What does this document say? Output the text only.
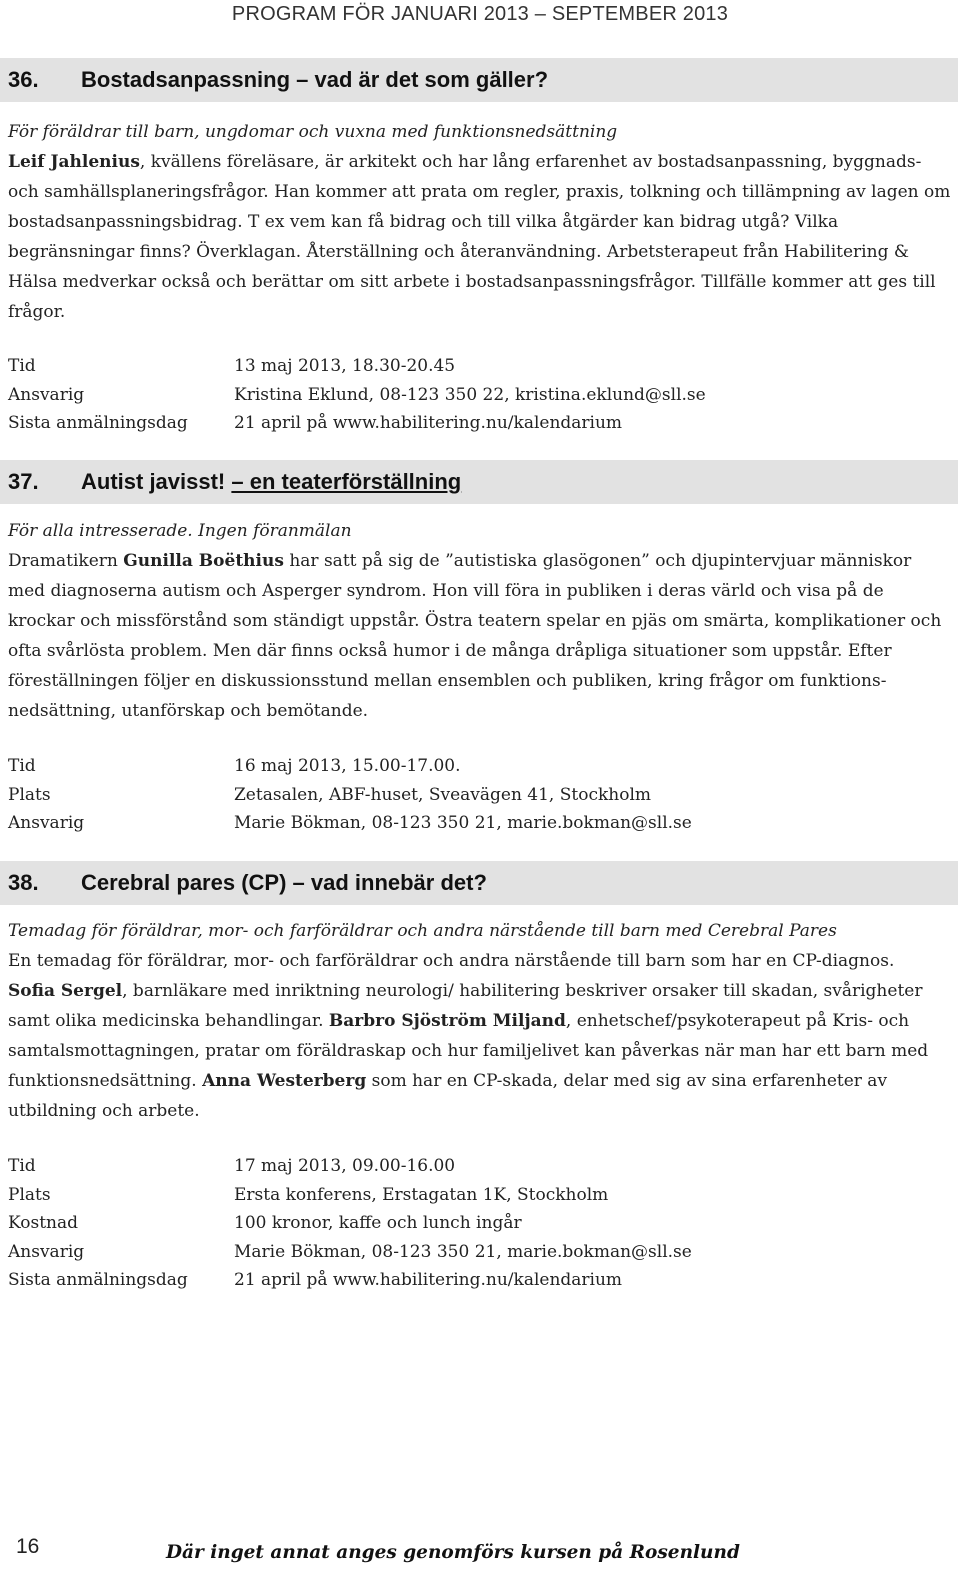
PROGRAM FÖR JANUARI 2013 – SEPTEMBER 2013
36. Bostadsanpassning – vad är det som gäller?

För föräldrar till barn, ungdomar och vuxna med funktionsnedsättning

Leif Jahlenius, kvällens föreläsare, är arkitekt och har lång erfarenhet av bostadsanpassning, byggnads- och samhällsplaneringsfrågor. Han kommer att prata om regler, praxis, tolkning och tillämpning av lagen om bostadsanpassningsbidrag. T ex vem kan få bidrag och till vilka åtgärder kan bidrag utgå? Vilka begränsningar finns? Överklagan. Återställning och återanvändning. Arbetsterapeut från Habilitering & Hälsa medverkar också och berättar om sitt arbete i bostadsanpassningsfrågor. Tillfälle kommer att ges till frågor.

Tid	13 maj 2013, 18.30-20.45
Ansvarig	Kristina Eklund, 08-123 350 22, kristina.eklund@sll.se
Sista anmälningsdag	21 april på www.habilitering.nu/kalendarium
37. Autist javisst! – en teaterförställning

För alla intresserade. Ingen föranmälan

Dramatikern Gunilla Boëthius har satt på sig de ”autistiska glasögonen” och djupintervjuar människor med diagnoserna autism och Asperger syndrom. Hon vill föra in publiken i deras värld och visa på de krockar och missförstånd som ständigt uppstår. Östra teatern spelar en pjäs om smärta, komplikationer och ofta svårlösta problem. Men där finns också humor i de många dråpliga situationer som uppstår. Efter föreställningen följer en diskussionsstund mellan ensemblen och publiken, kring frågor om funktions-nedsättning, utanförskap och bemötande.

Tid	16 maj 2013, 15.00-17.00.
Plats	Zetasalen, ABF-huset, Sveavägen 41, Stockholm
Ansvarig	Marie Bökman, 08-123 350 21, marie.bokman@sll.se
38. Cerebral pares (CP) – vad innebär det?

Temadag för föräldrar, mor- och farföräldrar och andra närstående till barn med Cerebral Pares

En temadag för föräldrar, mor- och farföräldrar och andra närstående till barn som har en CP-diagnos.

Sofia Sergel, barnläkare med inriktning neurologi/ habilitering beskriver orsaker till skadan, svårigheter samt olika medicinska behandlingar. Barbro Sjöström Miljand, enhetschef/psykoterapeut på Kris- och samtalsmottagningen, pratar om föräldraskap och hur familjelivet kan påverkas när man har ett barn med funktionsnedsättning. Anna Westerberg som har en CP-skada, delar med sig av sina erfarenheter av utbildning och arbete.

Tid	17 maj 2013, 09.00-16.00
Plats	Ersta konferens, Erstagatan 1K, Stockholm
Kostnad	100 kronor, kaffe och lunch ingår
Ansvarig	Marie Bökman, 08-123 350 21, marie.bokman@sll.se
Sista anmälningsdag	21 april på www.habilitering.nu/kalendarium
16	Där inget annat anges genomförs kursen på Rosenlund
